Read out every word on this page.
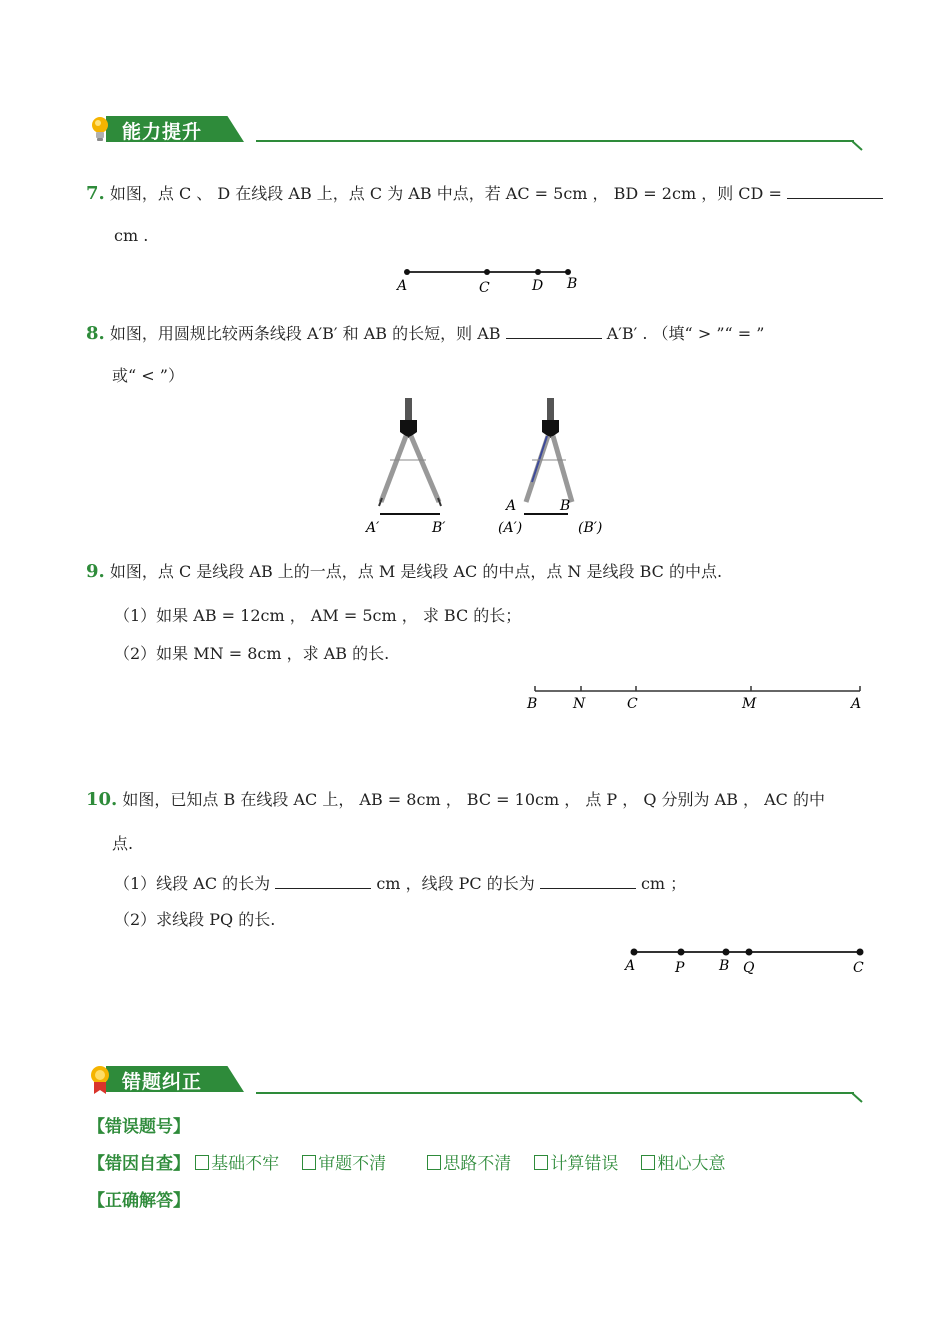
能力提升
7. 如图，点 C 、 D 在线段 AB 上，点 C 为 AB 中点，若 AC = 5cm ， BD = 2cm ，则 CD =
cm .
A	C	D B
8. 如图，用圆规比较两条线段 A′B′ 和 AB 的长短，则 AB	A′B′ . （填“ > ”“ = ”
或“ < ”）
A′	B′
A	B
(A′)	(B′)
9. 如图，点 C 是线段 AB 上的一点，点 M 是线段 AC 的中点，点 N 是线段 BC 的中点.
（1）如果 AB = 12cm ， AM = 5cm ， 求 BC 的长；
（2）如果 MN = 8cm ，求 AB 的长.
B	N	C	M	A
10. 如图，已知点 B 在线段 AC 上， AB = 8cm ， BC = 10cm ， 点 P ， Q 分别为 AB ， AC 的中
点.
（1）线段 AC 的长为	cm ，线段 PC 的长为	cm ；
（2）求线段 PQ 的长.
A	P B Q	C
错题纠正
【错误题号】
【错因自查】 基础不牢 审题不清	思路不清 计算错误 粗心大意
【正确解答】
